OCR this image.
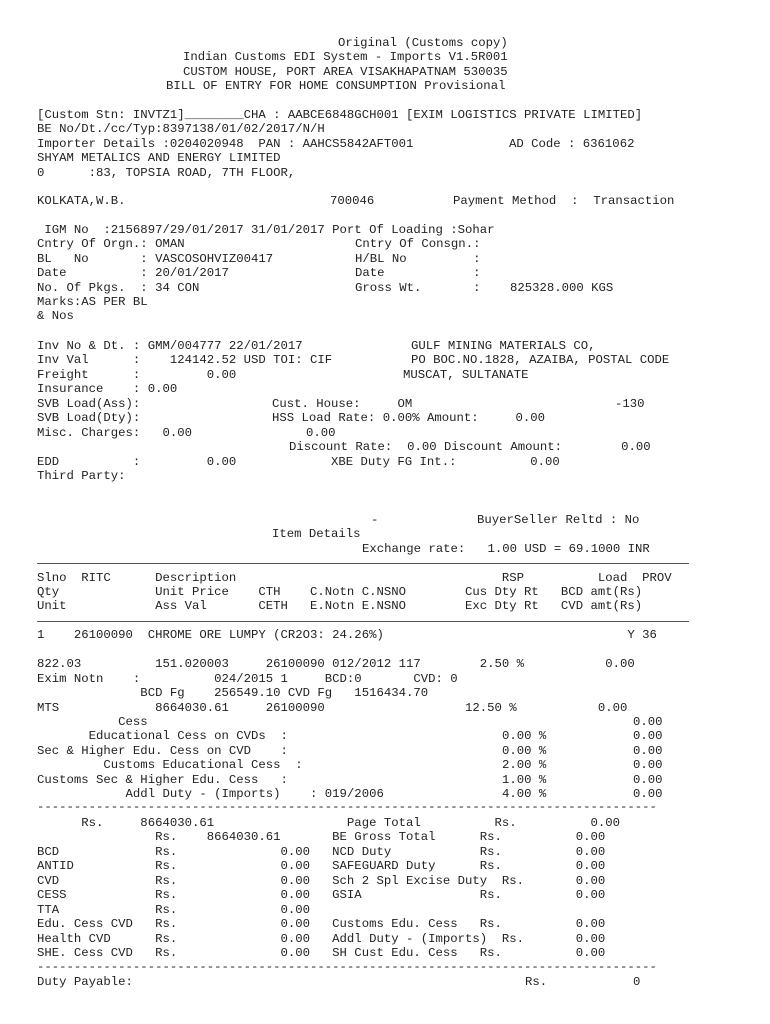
Original (Customs copy)
Indian Customs EDI System - Imports V1.5R001
CUSTOM HOUSE, PORT AREA VISAKHAPATNAM 530035
BILL OF ENTRY FOR HOME CONSUMPTION Provisional
[Custom Stn: INVTZ1]________CHA : AABCE6848GCH001 [EXIM LOGISTICS PRIVATE LIMITED]
BE No/Dt./cc/Typ:8397138/01/02/2017/N/H
Importer Details :0204020948  PAN : AAHCS5842AFT001	AD Code : 6361062
SHYAM METALICS AND ENERGY LIMITED
0      :83, TOPSIA ROAD, 7TH FLOOR,
KOLKATA,W.B.	700046	Payment Method  :  Transaction
IGM No  :2156897/29/01/2017 31/01/2017 Port Of Loading :Sohar
Cntry Of Orgn.: OMAN	Cntry Of Consgn.:
BL   No       : VASCOSOHVIZ00417	H/BL No         :
Date          : 20/01/2017	Date            :
No. Of Pkgs.  : 34 CON	Gross Wt.       :    825328.000 KGS
Marks:AS PER BL
& Nos
Inv No & Dt. : GMM/004777 22/01/2017	GULF MINING MATERIALS CO,
Inv Val      :    124142.52 USD TOI: CIF	PO BOC.NO.1828, AZAIBA, POSTAL CODE
Freight      :         0.00	MUSCAT, SULTANATE
Insurance    : 0.00
SVB Load(Ass):	Cust. House:     OM	-130
SVB Load(Dty):	HSS Load Rate: 0.00% Amount:     0.00
Misc. Charges:   0.00	0.00
Discount Rate:  0.00 Discount Amount:        0.00
EDD          :         0.00	XBE Duty FG Int.:          0.00
Third Party:
-	BuyerSeller Reltd : No
Item Details
Exchange rate:   1.00 USD = 69.1000 INR
Slno  RITC      Description                                    RSP          Load  PROV
Qty             Unit Price    CTH    C.Notn C.NSNO        Cus Dty Rt   BCD amt(Rs)
Unit            Ass Val       CETH   E.Notn E.NSNO        Exc Dty Rt   CVD amt(Rs)
1    26100090  CHROME ORE LUMPY (CR2O3: 24.26%)                                 Y 36
822.03          151.020003     26100090 012/2012 117        2.50 %           0.00
Exim Notn    :          024/2015 1     BCD:0       CVD: 0
BCD Fg    256549.10 CVD Fg   1516434.70
MTS             8664030.61     26100090                   12.50 %           0.00
Cess	0.00
Educational Cess on CVDs  :	0.00 %	0.00
Sec & Higher Edu. Cess on CVD    :	0.00 %	0.00
Customs Educational Cess  :	2.00 %	0.00
Customs Sec & Higher Edu. Cess   :	1.00 %	0.00
Addl Duty - (Imports)    : 019/2006	4.00 %	0.00
------------------------------------------------------------------------------------
Rs.     8664030.61                  Page Total          Rs.          0.00
Rs.    8664030.61       BE Gross Total      Rs.          0.00
BCD             Rs.              0.00   NCD Duty            Rs.          0.00
ANTID           Rs.              0.00   SAFEGUARD Duty      Rs.          0.00
CVD             Rs.              0.00   Sch 2 Spl Excise Duty  Rs.       0.00
CESS            Rs.              0.00   GSIA                Rs.          0.00
TTA             Rs.              0.00
Edu. Cess CVD   Rs.              0.00   Customs Edu. Cess   Rs.          0.00
Health CVD      Rs.              0.00   Addl Duty - (Imports)  Rs.       0.00
SHE. Cess CVD   Rs.              0.00   SH Cust Edu. Cess   Rs.          0.00
------------------------------------------------------------------------------------
Duty Payable:	Rs.	0
